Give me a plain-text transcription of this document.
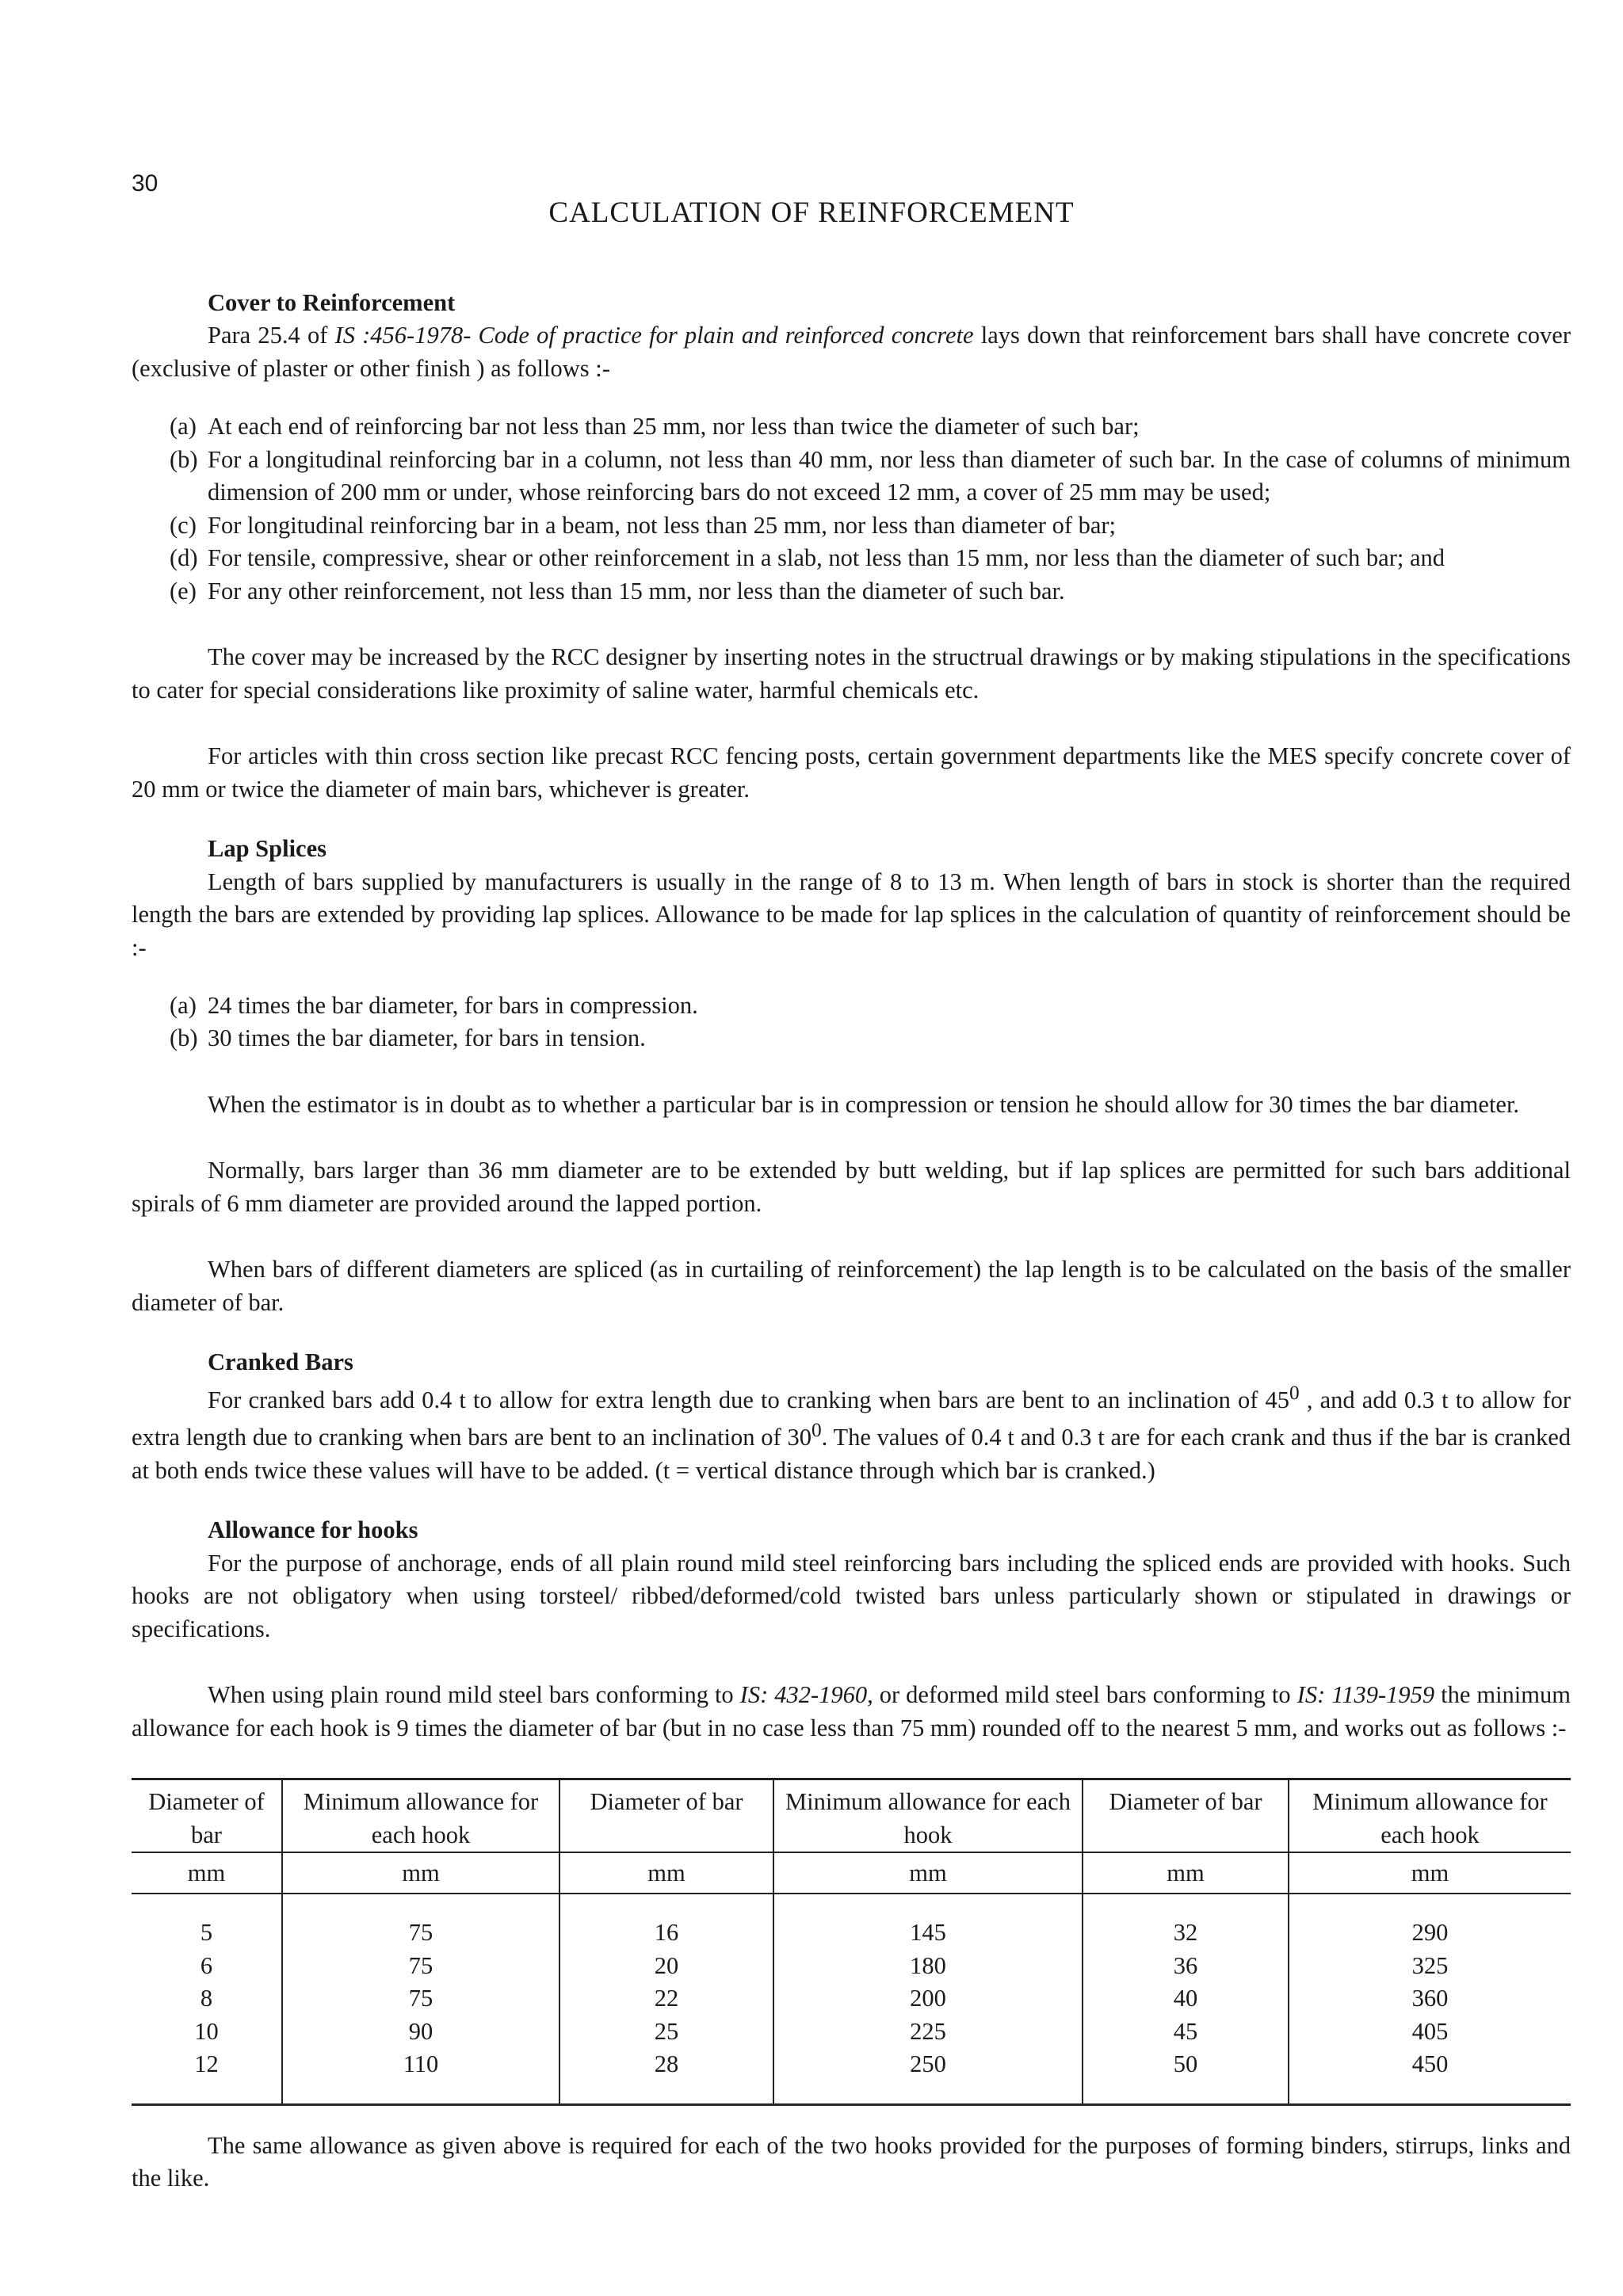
30
CALCULATION OF REINFORCEMENT
Cover to Reinforcement

Para 25.4 of IS :456-1978- Code of practice for plain and reinforced concrete lays down that reinforcement bars shall have concrete cover (exclusive of plaster or other finish ) as follows :-

(a) At each end of reinforcing bar not less than 25 mm, nor less than twice the diameter of such bar;
(b) For a longitudinal reinforcing bar in a column, not less than 40 mm, nor less than diameter of such bar. In the case of columns of minimum dimension of 200 mm or under, whose reinforcing bars do not exceed 12 mm, a cover of 25 mm may be used;
(c) For longitudinal reinforcing bar in a beam, not less than 25 mm, nor less than diameter of bar;
(d) For tensile, compressive, shear or other reinforcement in a slab, not less than 15 mm, nor less than the diameter of such bar; and
(e) For any other reinforcement, not less than 15 mm, nor less than the diameter of such bar.

The cover may be increased by the RCC designer by inserting notes in the structrual drawings or by making stipulations in the specifications to cater for special considerations like proximity of saline water, harmful chemicals etc.

For articles with thin cross section like precast RCC fencing posts, certain government departments like the MES specify concrete cover of 20 mm or twice the diameter of main bars, whichever is greater.

Lap Splices

Length of bars supplied by manufacturers is usually in the range of 8 to 13 m. When length of bars in stock is shorter than the required length the bars are extended by providing lap splices. Allowance to be made for lap splices in the calculation of quantity of reinforcement should be :-

(a) 24 times the bar diameter, for bars in compression.
(b) 30 times the bar diameter, for bars in tension.

When the estimator is in doubt as to whether a particular bar is in compression or tension he should allow for 30 times the bar diameter.

Normally, bars larger than 36 mm diameter are to be extended by butt welding, but if lap splices are permitted for such bars additional spirals of 6 mm diameter are provided around the lapped portion.

When bars of different diameters are spliced (as in curtailing of reinforcement) the lap length is to be calculated on the basis of the smaller diameter of bar.

Cranked Bars

For cranked bars add 0.4 t to allow for extra length due to cranking when bars are bent to an inclination of $45^0$ , and add 0.3 t to allow for extra length due to cranking when bars are bent to an inclination of $30^0$. The values of 0.4 t and 0.3 t are for each crank and thus if the bar is cranked at both ends twice these values will have to be added. (t = vertical distance through which bar is cranked.)

Allowance for hooks

For the purpose of anchorage, ends of all plain round mild steel reinforcing bars including the spliced ends are provided with hooks. Such hooks are not obligatory when using torsteel/ ribbed/deformed/cold twisted bars unless particularly shown or stipulated in drawings or specifications.

When using plain round mild steel bars conforming to IS: 432-1960, or deformed mild steel bars conforming to IS: 1139-1959 the minimum allowance for each hook is 9 times the diameter of bar (but in no case less than 75 mm) rounded off to the nearest 5 mm, and works out as follows :-

Diameter of bar	Minimum allowance for each hook	Diameter of bar	Minimum allowance for each hook	Diameter of bar	Minimum allowance for each hook
mm	mm	mm	mm	mm	mm
5	75	16	145	32	290
6	75	20	180	36	325
8	75	22	200	40	360
10	90	25	225	45	405
12	110	28	250	50	450

The same allowance as given above is required for each of the two hooks provided for the purposes of forming binders, stirrups, links and the like.
